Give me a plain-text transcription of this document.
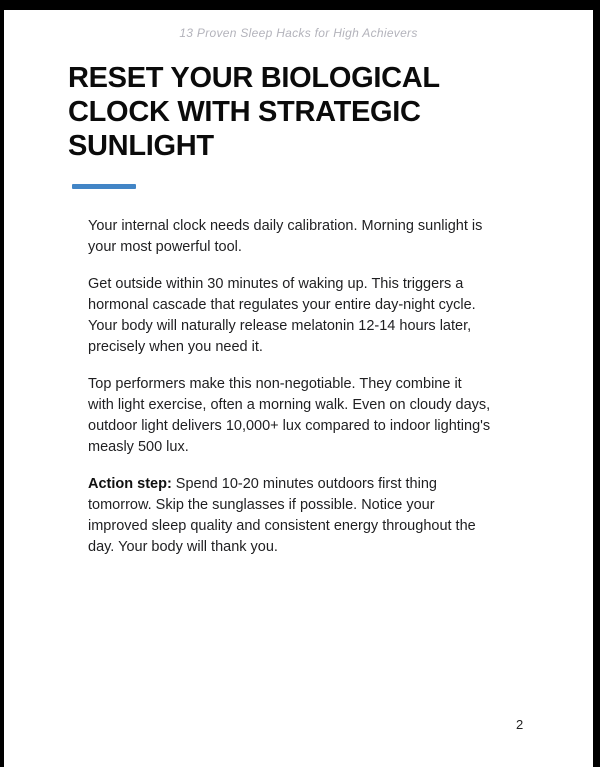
13 Proven Sleep Hacks for High Achievers
RESET YOUR BIOLOGICAL
CLOCK WITH STRATEGIC
SUNLIGHT
Your internal clock needs daily calibration. Morning sunlight is
your most powerful tool.
Get outside within 30 minutes of waking up. This triggers a
hormonal cascade that regulates your entire day-night cycle.
Your body will naturally release melatonin 12-14 hours later,
precisely when you need it.
Top performers make this non-negotiable. They combine it
with light exercise, often a morning walk. Even on cloudy days,
outdoor light delivers 10,000+ lux compared to indoor lighting's
measly 500 lux.
Action step: Spend 10-20 minutes outdoors first thing
tomorrow. Skip the sunglasses if possible. Notice your
improved sleep quality and consistent energy throughout the
day. Your body will thank you.
2
